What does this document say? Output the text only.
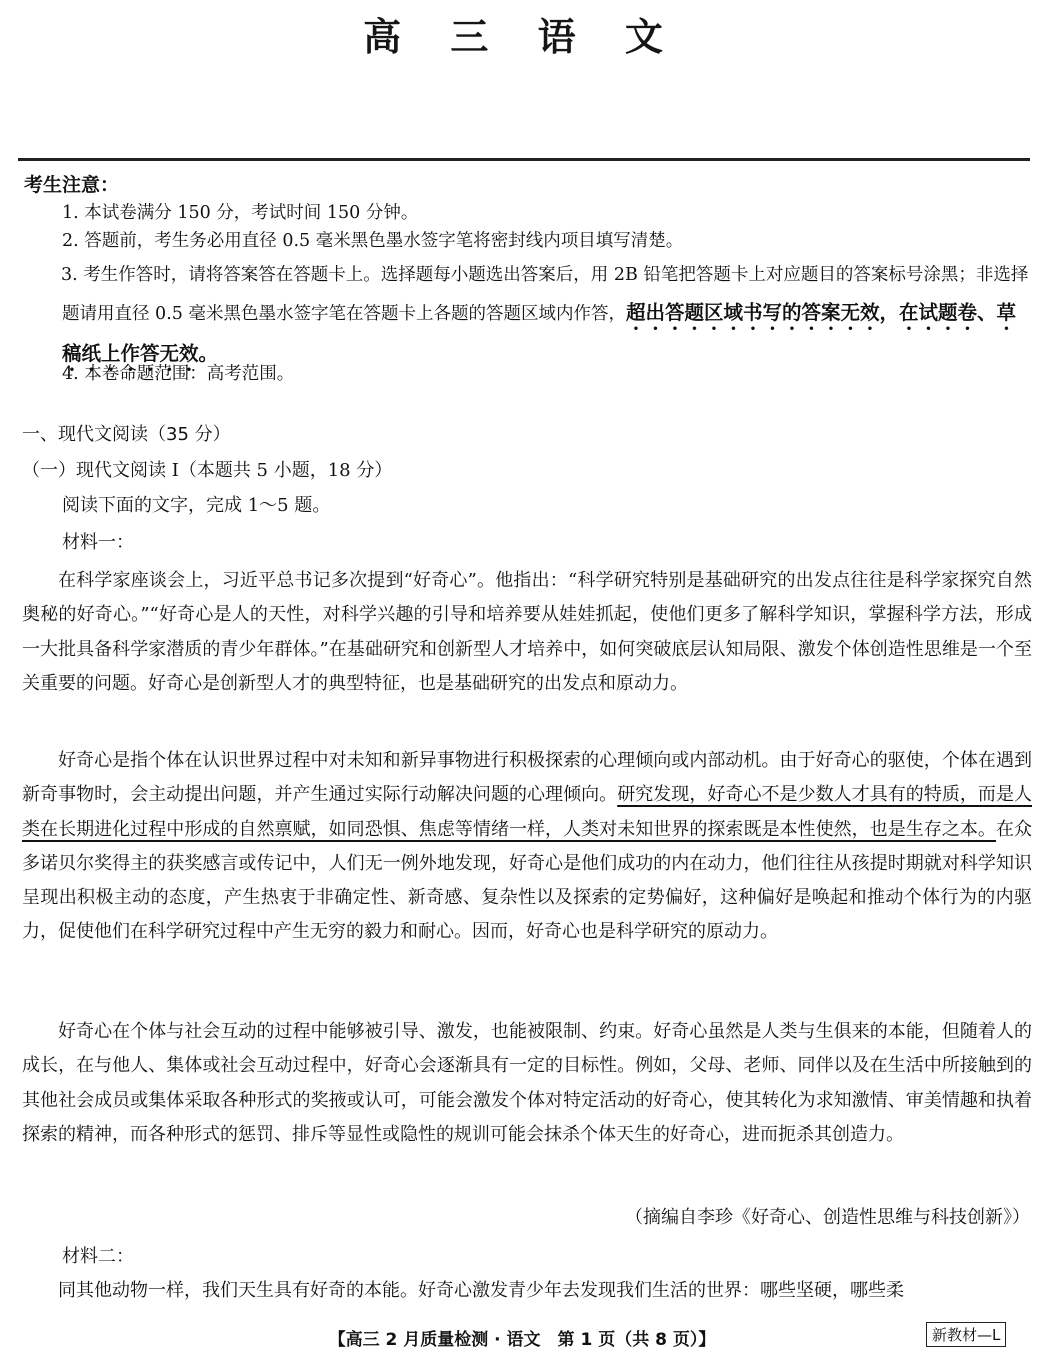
高 三 语 文
考生注意：
1. 本试卷满分 150 分，考试时间 150 分钟。
2. 答题前，考生务必用直径 0.5 毫米黑色墨水签字笔将密封线内项目填写清楚。
3. 考生作答时，请将答案答在答题卡上。选择题每小题选出答案后，用 2B 铅笔把答题卡上对应题目的答案标号涂黑；非选择题请用直径 0.5 毫米黑色墨水签字笔在答题卡上各题的答题区域内作答，超出答题区域书写的答案无效，在试题卷、草稿纸上作答无效。
4. 本卷命题范围：高考范围。
一、现代文阅读（35 分）
（一）现代文阅读 Ⅰ（本题共 5 小题，18 分）
阅读下面的文字，完成 1～5 题。
材料一：

在科学家座谈会上，习近平总书记多次提到“好奇心”。他指出：“科学研究特别是基础研究的出发点往往是科学家探究自然奥秘的好奇心。”“好奇心是人的天性，对科学兴趣的引导和培养要从娃娃抓起，使他们更多了解科学知识，掌握科学方法，形成一大批具备科学家潜质的青少年群体。”在基础研究和创新型人才培养中，如何突破底层认知局限、激发个体创造性思维是一个至关重要的问题。好奇心是创新型人才的典型特征，也是基础研究的出发点和原动力。

好奇心是指个体在认识世界过程中对未知和新异事物进行积极探索的心理倾向或内部动机。由于好奇心的驱使，个体在遇到新奇事物时，会主动提出问题，并产生通过实际行动解决问题的心理倾向。研究发现，好奇心不是少数人才具有的特质，而是人类在长期进化过程中形成的自然禀赋，如同恐惧、焦虑等情绪一样，人类对未知世界的探索既是本性使然，也是生存之本。在众多诺贝尔奖得主的获奖感言或传记中，人们无一例外地发现，好奇心是他们成功的内在动力，他们往往从孩提时期就对科学知识呈现出积极主动的态度，产生热衷于非确定性、新奇感、复杂性以及探索的定势偏好，这种偏好是唤起和推动个体行为的内驱力，促使他们在科学研究过程中产生无穷的毅力和耐心。因而，好奇心也是科学研究的原动力。

好奇心在个体与社会互动的过程中能够被引导、激发，也能被限制、约束。好奇心虽然是人类与生俱来的本能，但随着人的成长，在与他人、集体或社会互动过程中，好奇心会逐渐具有一定的目标性。例如，父母、老师、同伴以及在生活中所接触到的其他社会成员或集体采取各种形式的奖掖或认可，可能会激发个体对特定活动的好奇心，使其转化为求知激情、审美情趣和执着探索的精神，而各种形式的惩罚、排斥等显性或隐性的规训可能会抹杀个体天生的好奇心，进而扼杀其创造力。

（摘编自李珍《好奇心、创造性思维与科技创新》）
材料二：

同其他动物一样，我们天生具有好奇的本能。好奇心激发青少年去发现我们生活的世界：哪些坚硬，哪些柔

【高三 2 月质量检测 · 语文　第 1 页（共 8 页）】	新教材—L
